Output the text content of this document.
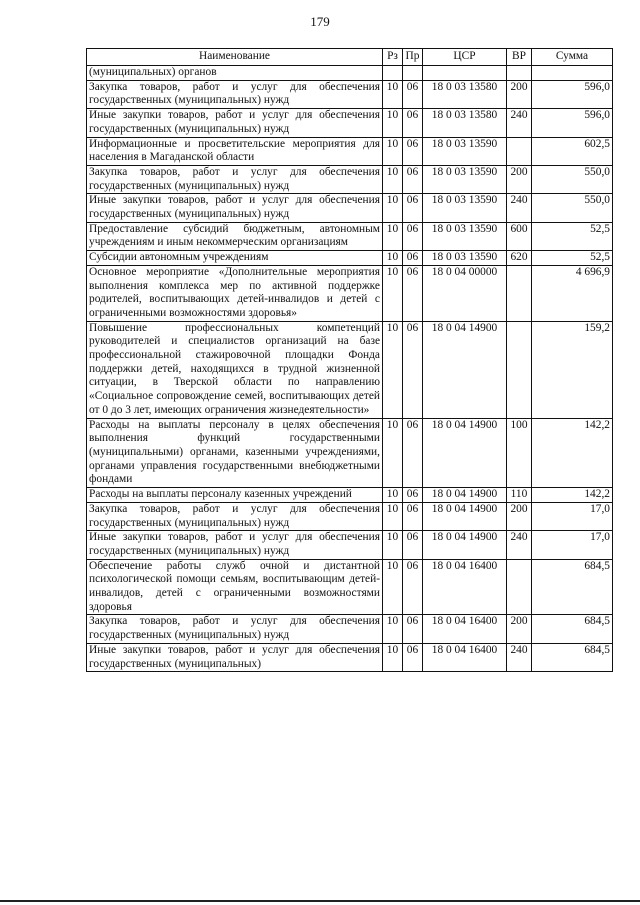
179
Наименование	Рз	Пр	ЦСР	ВР	Сумма
(муниципальных) органов					
Закупка товаров, работ и услуг для обеспечения государственных (муниципальных) нужд	10	06	18 0 03 13580	200	596,0
Иные закупки товаров, работ и услуг для обеспечения государственных (муниципальных) нужд	10	06	18 0 03 13580	240	596,0
Информационные и просветительские мероприятия для населения в Магаданской области	10	06	18 0 03 13590		602,5
Закупка товаров, работ и услуг для обеспечения государственных (муниципальных) нужд	10	06	18 0 03 13590	200	550,0
Иные закупки товаров, работ и услуг для обеспечения государственных (муниципальных) нужд	10	06	18 0 03 13590	240	550,0
Предоставление субсидий бюджетным, автономным учреждениям и иным некоммерческим организациям	10	06	18 0 03 13590	600	52,5
Субсидии автономным учреждениям	10	06	18 0 03 13590	620	52,5
Основное мероприятие «Дополнительные мероприятия выполнения комплекса мер по активной поддержке родителей, воспитывающих детей-инвалидов и детей с ограниченными возможностями здоровья»	10	06	18 0 04 00000		4 696,9
Повышение профессиональных компетенций руководителей и специалистов организаций на базе профессиональной стажировочной площадки Фонда поддержки детей, находящихся в трудной жизненной ситуации, в Тверской области по направлению «Социальное сопровождение семей, воспитывающих детей от 0 до 3 лет, имеющих ограничения жизнедеятельности»	10	06	18 0 04 14900		159,2
Расходы на выплаты персоналу в целях обеспечения выполнения функций государственными (муниципальными) органами, казенными учреждениями, органами управления государственными внебюджетными фондами	10	06	18 0 04 14900	100	142,2
Расходы на выплаты персоналу казенных учреждений	10	06	18 0 04 14900	110	142,2
Закупка товаров, работ и услуг для обеспечения государственных (муниципальных) нужд	10	06	18 0 04 14900	200	17,0
Иные закупки товаров, работ и услуг для обеспечения государственных (муниципальных) нужд	10	06	18 0 04 14900	240	17,0
Обеспечение работы служб очной и дистантной психологической помощи семьям, воспитывающим детей-инвалидов, детей с ограниченными возможностями здоровья	10	06	18 0 04 16400		684,5
Закупка товаров, работ и услуг для обеспечения государственных (муниципальных) нужд	10	06	18 0 04 16400	200	684,5
Иные закупки товаров, работ и услуг для обеспечения государственных (муниципальных)	10	06	18 0 04 16400	240	684,5
